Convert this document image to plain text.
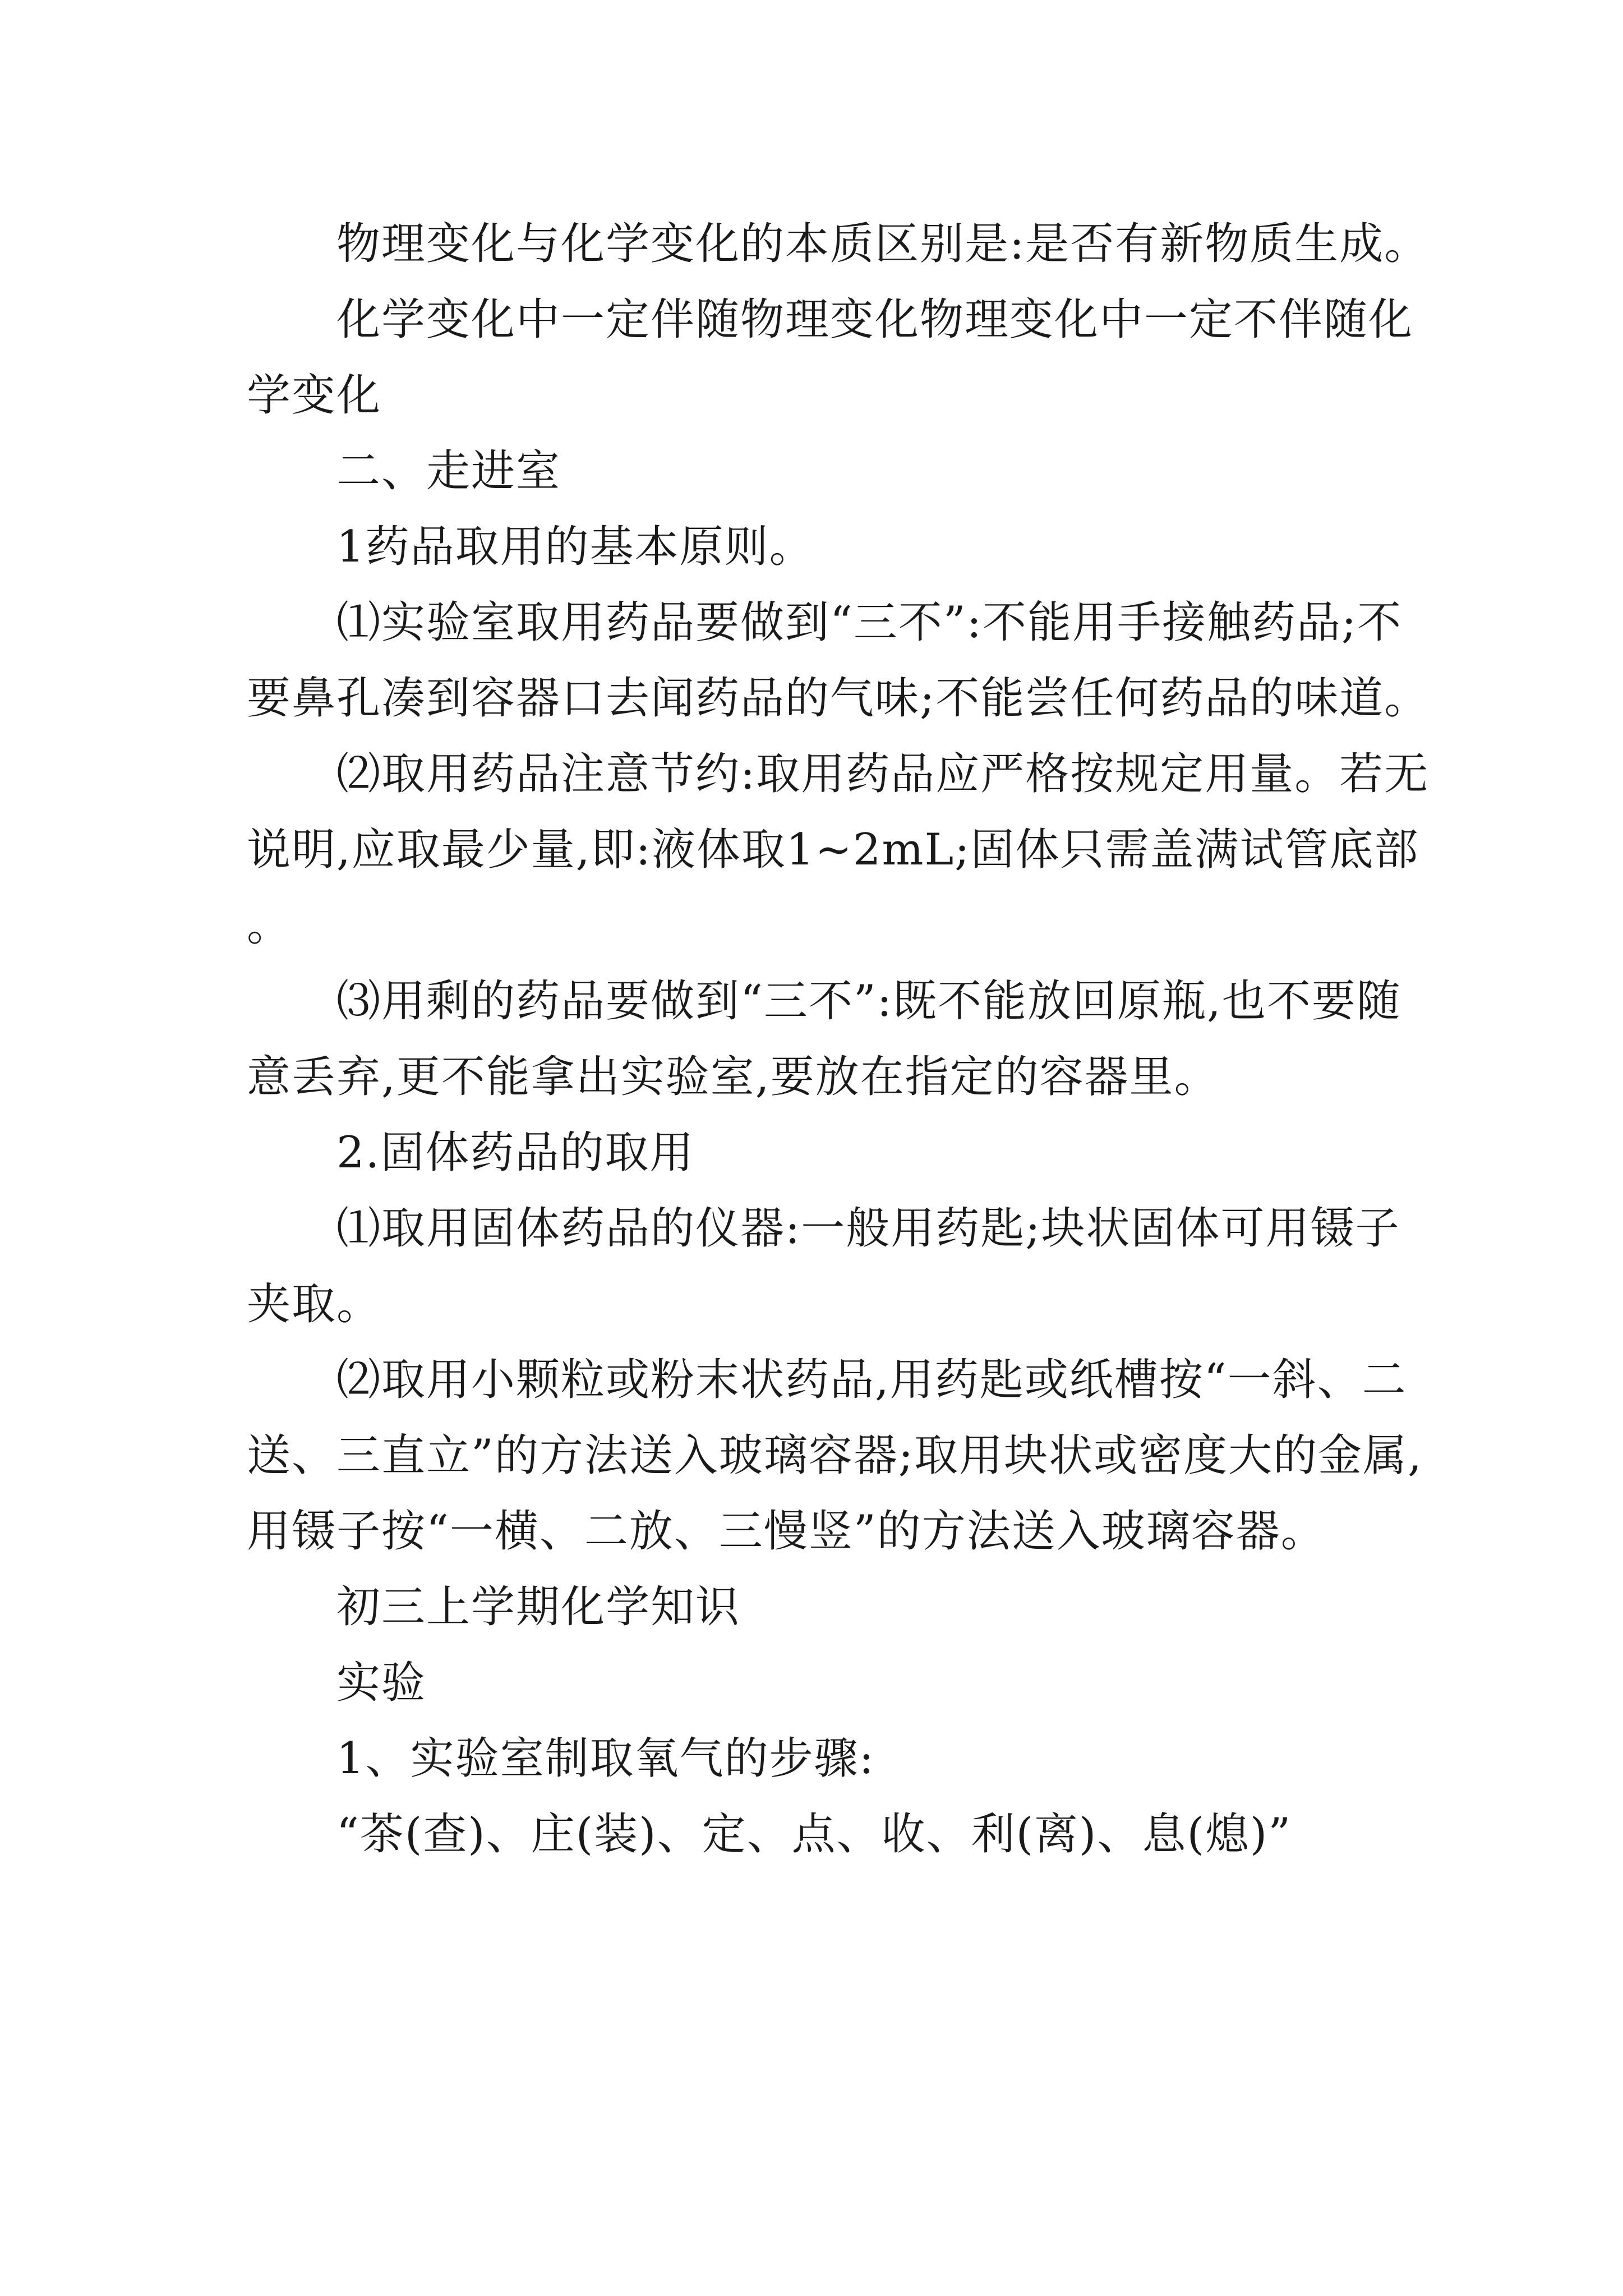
物理变化与化学变化的本质区别是:是否有新物质生成。

化学变化中一定伴随物理变化物理变化中一定不伴随化学变化

二、走进室

1药品取用的基本原则。

⑴实验室取用药品要做到“三不”:不能用手接触药品;不要鼻孔凑到容器口去闻药品的气味;不能尝任何药品的味道。

⑵取用药品注意节约:取用药品应严格按规定用量。若无说明,应取最少量,即:液体取1~2mL;固体只需盖满试管底部。

⑶用剩的药品要做到“三不”:既不能放回原瓶,也不要随意丢弃,更不能拿出实验室,要放在指定的容器里。

2.固体药品的取用

⑴取用固体药品的仪器:一般用药匙;块状固体可用镊子夹取。

⑵取用小颗粒或粉末状药品,用药匙或纸槽按“一斜、二送、三直立”的方法送入玻璃容器;取用块状或密度大的金属,用镊子按“一横、二放、三慢竖”的方法送入玻璃容器。

初三上学期化学知识

实验

1、实验室制取氧气的步骤:

“茶(查)、庄(装)、定、点、收、利(离)、息(熄)”
